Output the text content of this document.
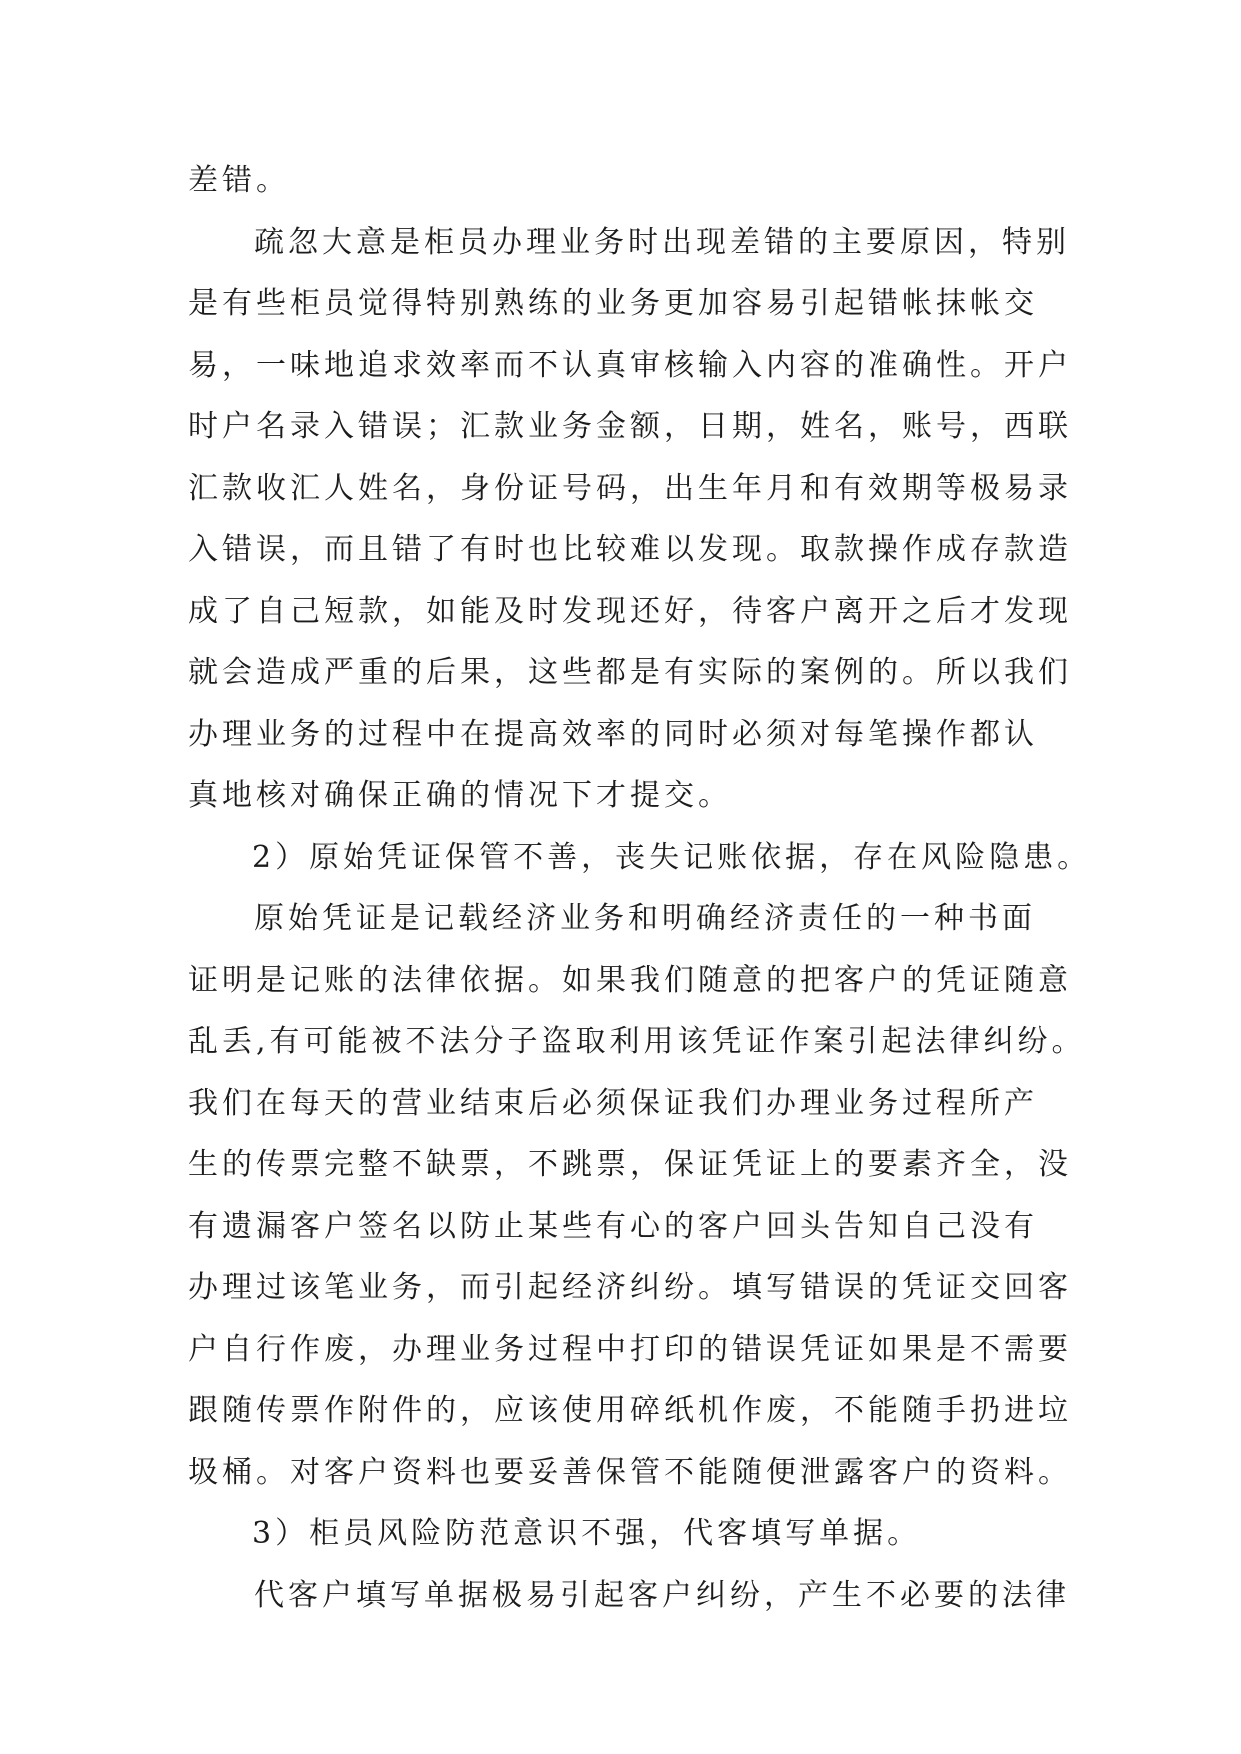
差错。
疏忽大意是柜员办理业务时出现差错的主要原因，特别
是有些柜员觉得特别熟练的业务更加容易引起错帐抹帐交
易，一味地追求效率而不认真审核输入内容的准确性。开户
时户名录入错误；汇款业务金额，日期，姓名，账号，西联
汇款收汇人姓名，身份证号码，出生年月和有效期等极易录
入错误，而且错了有时也比较难以发现。取款操作成存款造
成了自己短款，如能及时发现还好，待客户离开之后才发现
就会造成严重的后果，这些都是有实际的案例的。所以我们
办理业务的过程中在提高效率的同时必须对每笔操作都认
真地核对确保正确的情况下才提交。
2）原始凭证保管不善，丧失记账依据，存在风险隐患。
原始凭证是记载经济业务和明确经济责任的一种书面
证明是记账的法律依据。如果我们随意的把客户的凭证随意
乱丢,有可能被不法分子盗取利用该凭证作案引起法律纠纷。
我们在每天的营业结束后必须保证我们办理业务过程所产
生的传票完整不缺票，不跳票，保证凭证上的要素齐全，没
有遗漏客户签名以防止某些有心的客户回头告知自己没有
办理过该笔业务，而引起经济纠纷。填写错误的凭证交回客
户自行作废，办理业务过程中打印的错误凭证如果是不需要
跟随传票作附件的，应该使用碎纸机作废，不能随手扔进垃
圾桶。对客户资料也要妥善保管不能随便泄露客户的资料。
3）柜员风险防范意识不强，代客填写单据。
代客户填写单据极易引起客户纠纷，产生不必要的法律
